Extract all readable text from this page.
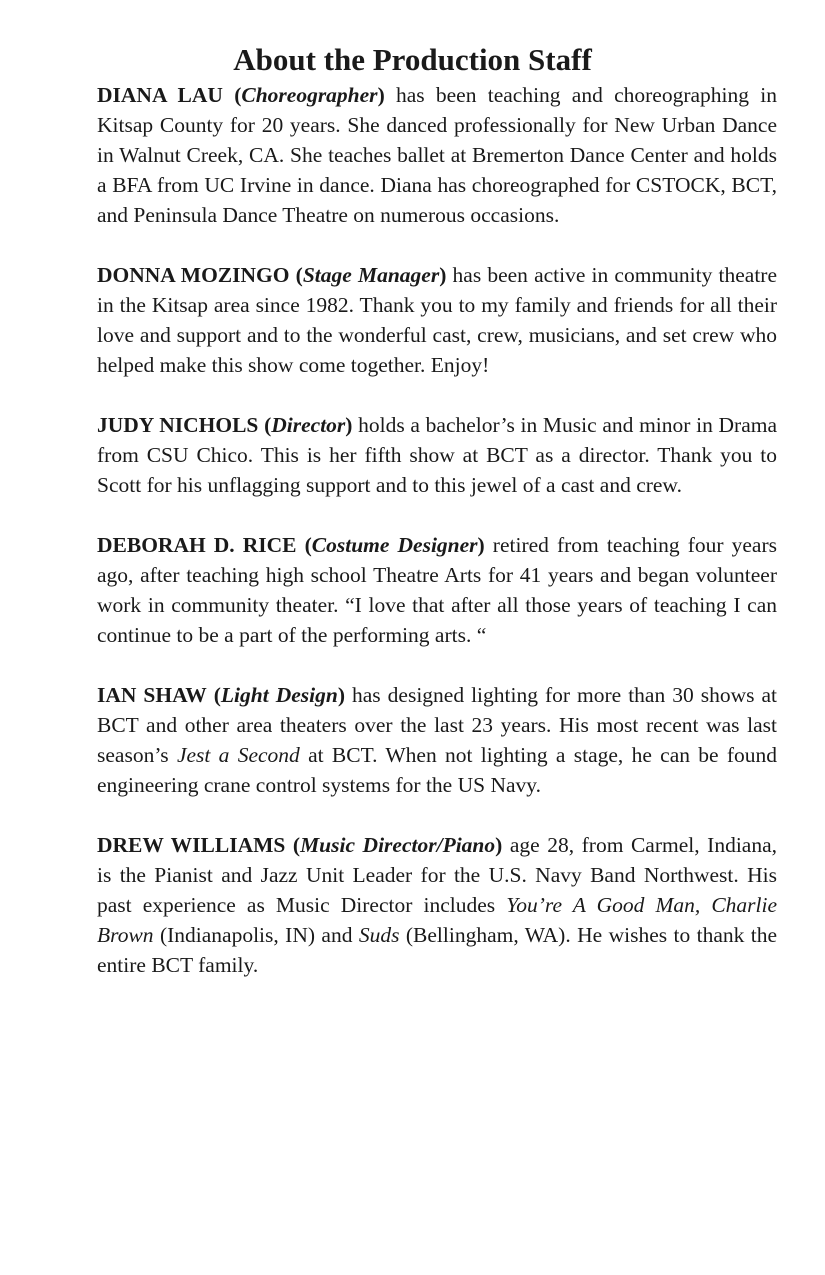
About the Production Staff

DIANA LAU (Choreographer) has been teaching and choreographing in Kitsap County for 20 years. She danced professionally for New Urban Dance in Walnut Creek, CA. She teaches ballet at Bremerton Dance Center and holds a BFA from UC Irvine in dance. Diana has choreographed for CSTOCK, BCT, and Peninsula Dance Theatre on numerous occasions.

DONNA MOZINGO (Stage Manager) has been active in community theatre in the Kitsap area since 1982. Thank you to my family and friends for all their love and support and to the wonderful cast, crew, musicians, and set crew who helped make this show come together. Enjoy!

JUDY NICHOLS (Director) holds a bachelor’s in Music and minor in Drama from CSU Chico. This is her fifth show at BCT as a director. Thank you to Scott for his unflagging support and to this jewel of a cast and crew.

DEBORAH D. RICE (Costume Designer) retired from teaching four years ago, after teaching high school Theatre Arts for 41 years and began volunteer work in community theater. “I love that after all those years of teaching I can continue to be a part of the performing arts. “

IAN SHAW (Light Design) has designed lighting for more than 30 shows at BCT and other area theaters over the last 23 years. His most recent was last season’s Jest a Second at BCT. When not lighting a stage, he can be found engineering crane control systems for the US Navy.

DREW WILLIAMS (Music Director/Piano) age 28, from Carmel, Indiana, is the Pianist and Jazz Unit Leader for the U.S. Navy Band Northwest. His past experience as Music Director includes You’re A Good Man, Charlie Brown (Indianapolis, IN) and Suds (Bellingham, WA). He wishes to thank the entire BCT family.
